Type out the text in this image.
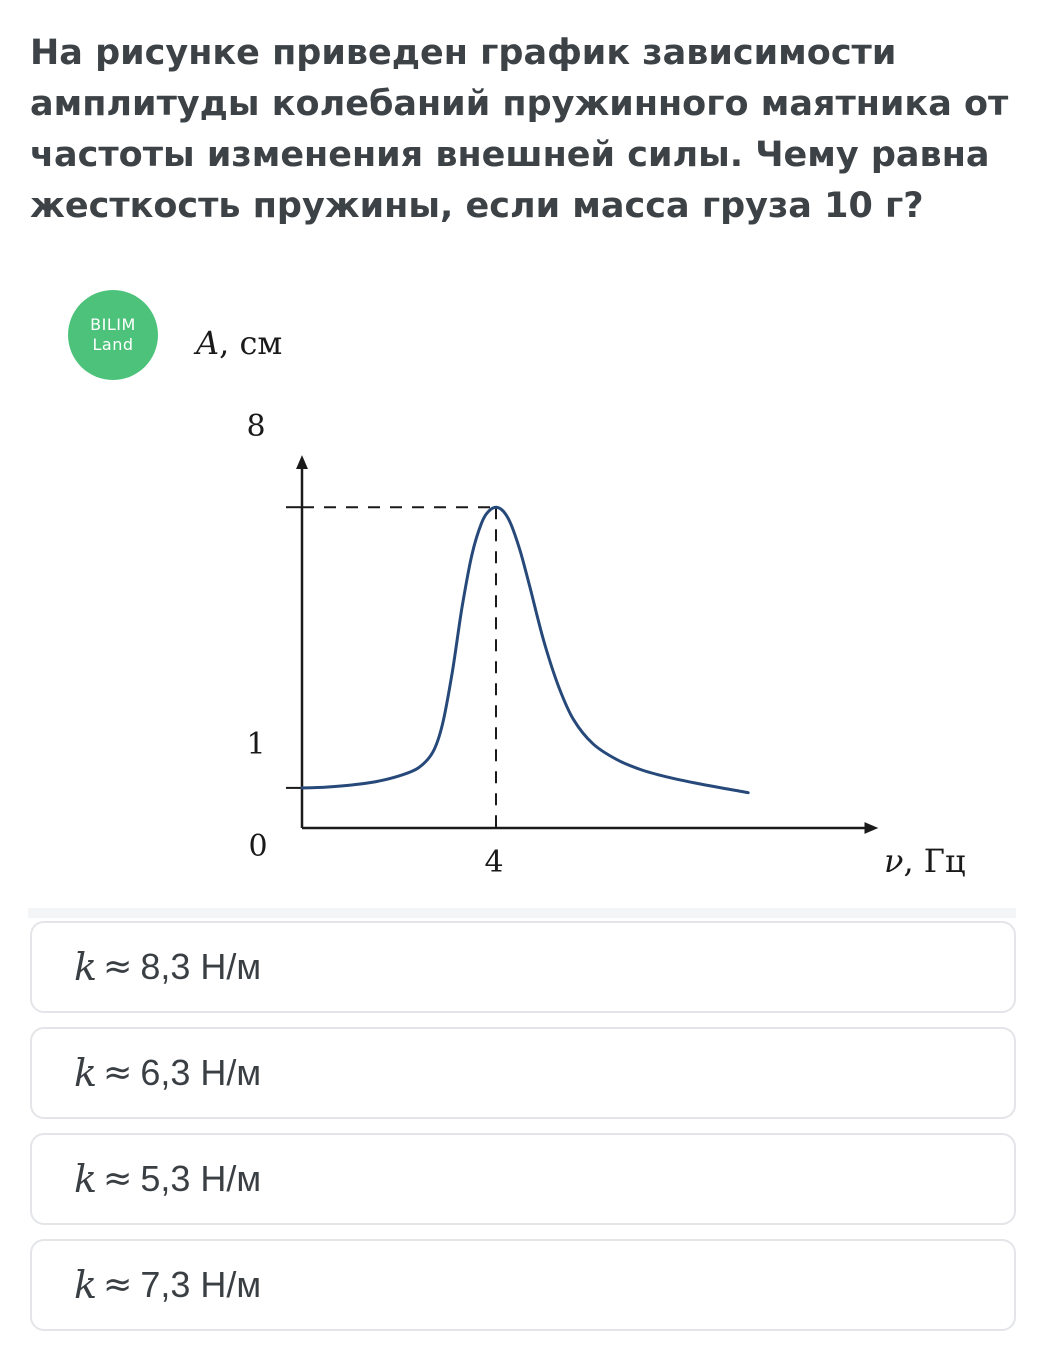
На рисунке приведен график зависимости амплитуды колебаний пружинного маятника от частоты изменения внешней силы. Чему равна жесткость пружины, если масса груза 10 г?

BILIM
Land A, см
ν, Гц
0
1
8
4
k ≈ 8,3 Н/м
k ≈ 6,3 Н/м
k ≈ 5,3 Н/м
k ≈ 7,3 Н/м
